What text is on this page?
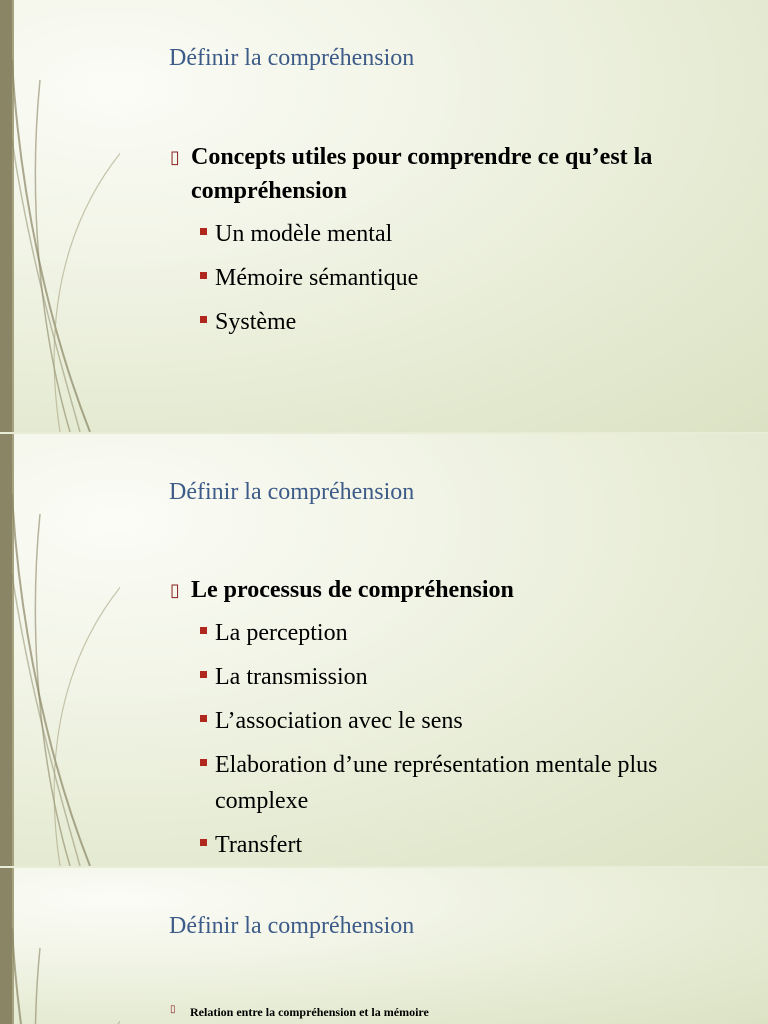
Définir la compréhension
▯ Concepts utiles pour comprendre ce qu’est la compréhension
Un modèle mental
Mémoire sémantique
Système
Définir la compréhension
▯ Le processus de compréhension
La perception
La transmission
L’association avec le sens
Elaboration d’une représentation mentale plus complexe
Transfert
Définir la compréhension
▯ Relation entre la compréhension et la mémoire
